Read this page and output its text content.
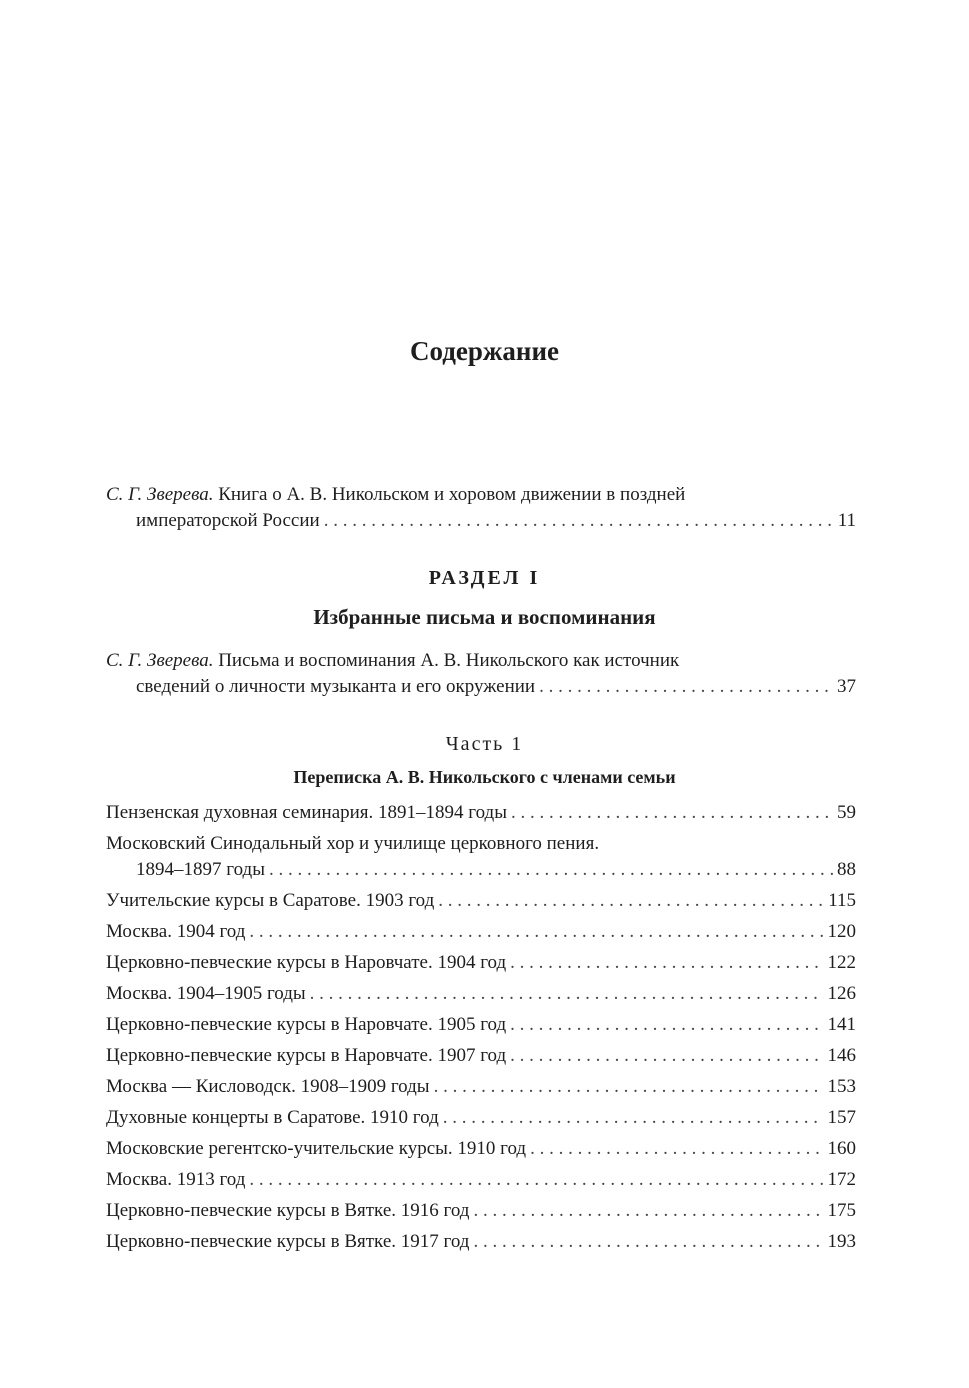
Содержание
С. Г. Зверева. Книга о А. В. Никольском и хоровом движении в поздней
императорской России . . .	11
С. Г. Зверева. Письма и воспоминания А. В. Никольского как источник
сведений о личности музыканта и его окружении . . .	37
Пензенская духовная семинария. 1891–1894 годы . . .	59
Московский Синодальный хор и училище церковного пения.
1894–1897 годы . . .	88
Учительские курсы в Саратове. 1903 год . . .	115
Москва. 1904 год . . .	120
Церковно-певческие курсы в Наровчате. 1904 год . . .	122
Москва. 1904–1905 годы . . .	126
Церковно-певческие курсы в Наровчате. 1905 год . . .	141
Церковно-певческие курсы в Наровчате. 1907 год . . .	146
Москва — Кисловодск. 1908–1909 годы . . .	153
Духовные концерты в Саратове. 1910 год . . .	157
Московские регентско-учительские курсы. 1910 год . . .	160
Москва. 1913 год . . .	172
Церковно-певческие курсы в Вятке. 1916 год . . .	175
Церковно-певческие курсы в Вятке. 1917 год . . .	193
РАЗДЕЛ I
Избранные письма и воспоминания
Часть 1
Переписка А. В. Никольского с членами семьи
